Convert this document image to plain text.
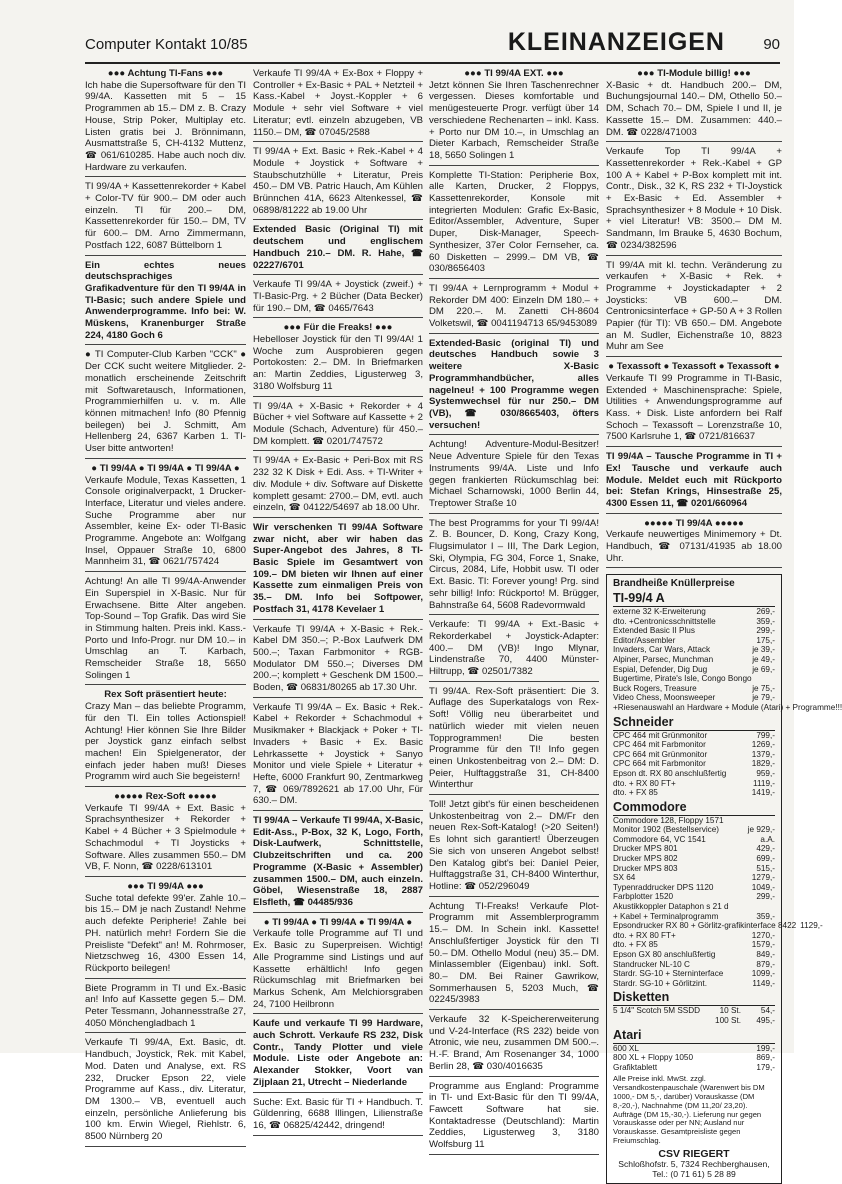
Computer Kontakt 10/85	KLEINANZEIGEN	90

●●● Achtung TI-Fans ●●●

Ich habe die Supersoftware für den TI 99/4A. Kassetten mit 5 – 15 Programmen ab 15.– DM z. B. Crazy House, Strip Poker, Multiplay etc. Listen gratis bei J. Brönnimann, Ausmattstraße 5, CH-4132 Muttenz, ☎ 061/610285. Habe auch noch div. Hardware zu verkaufen.

TI 99/4A + Kassettenrekorder + Kabel + Color-TV für 900.– DM oder auch einzeln. TI für 200.– DM, Kassettenrekorder für 150.– DM, TV für 600.– DM. Arno Zimmermann, Postfach 122, 6087 Büttelborn 1

Ein echtes neues deutschsprachiges Grafikadventure für den TI 99/4A in TI-Basic; such andere Spiele und Anwenderprogramme. Info bei: W. Müskens, Kranenburger Straße 224, 4180 Goch 6

● TI Computer-Club Karben "CCK" ● Der CCK sucht weitere Mitglieder. 2-monatlich erscheinende Zeitschrift mit Softwaretausch, Informationen, Programmierhilfen u. v. m. Alle können mitmachen! Info (80 Pfennig beilegen) bei J. Schmitt, Am Hellenberg 24, 6367 Karben 1. TI-User bitte antworten!

● TI 99/4A ● TI 99/4A ● TI 99/4A ●

Verkaufe Module, Texas Kassetten, 1 Console originalverpackt, 1 Drucker-Interface, Literatur und vieles andere. Suche Programme aber nur Assembler, keine Ex- oder TI-Basic Programme. Angebote an: Wolfgang Insel, Oppauer Straße 10, 6800 Mannheim 31, ☎ 0621/757424

Achtung! An alle TI 99/4A-Anwender Ein Superspiel in X-Basic. Nur für Erwachsene. Bitte Alter angeben. Top-Sound – Top Grafik. Das wird Sie in Stimmung halten. Preis inkl. Kass.-Porto und Info-Progr. nur DM 10.– in Umschlag an T. Karbach, Remscheider Straße 18, 5650 Solingen 1

Rex Soft präsentiert heute:

Crazy Man – das beliebte Programm, für den TI. Ein tolles Actionspiel! Achtung! Hier können Sie Ihre Bilder per Joystick ganz einfach selbst machen! Ein Spielgenerator, der einfach jeder haben muß! Dieses Programm wird auch Sie begeistern!

●●●●● Rex-Soft ●●●●●

Verkaufe TI 99/4A + Ext. Basic + Sprachsynthesizer + Rekorder + Kabel + 4 Bücher + 3 Spielmodule + Schachmodul + TI Joysticks + Software. Alles zusammen 550.– DM VB, F. Nonn, ☎ 0228/613101

●●● TI 99/4A ●●●

Suche total defekte 99'er. Zahle 10.– bis 15.– DM je nach Zustand! Nehme auch defekte Peripherie! Zahle bei PH. natürlich mehr! Fordern Sie die Preisliste "Defekt" an! M. Rohrmoser, Nietzschweg 16, 4300 Essen 14, Rückporto beilegen!

Biete Programm in TI und Ex.-Basic an! Info auf Kassette gegen 5.– DM. Peter Tessmann, Johannesstraße 27, 4050 Mönchengladbach 1

Verkaufe TI 99/4A, Ext. Basic, dt. Handbuch, Joystick, Rek. mit Kabel, Mod. Daten und Analyse, ext. RS 232, Drucker Epson 22, viele Programme auf Kass., div. Literatur, DM 1300.– VB, eventuell auch einzeln, persönliche Anlieferung bis 100 km. Erwin Wiegel, Riehlstr. 6, 8500 Nürnberg 20

Verkaufe TI 99/4A + Ex-Box + Floppy + Controller + Ex-Basic + PAL + Netzteil + Kass.-Kabel + Joyst.-Koppler + 6 Module + sehr viel Software + viel Literatur; evtl. einzeln abzugeben, VB 1150.– DM, ☎ 07045/2588

TI 99/4A + Ext. Basic + Rek.-Kabel + 4 Module + Joystick + Software + Staubschutzhülle + Literatur, Preis 450.– DM VB. Patric Hauch, Am Kühlen Brünnchen 41A, 6623 Altenkessel, ☎ 06898/81222 ab 19.00 Uhr

Extended Basic (Original TI) mit deutschem und englischem Handbuch 210.– DM. R. Hahe, ☎ 02227/6701

Verkaufe TI 99/4A + Joystick (zweif.) + TI-Basic-Prg. + 2 Bücher (Data Becker) für 190.– DM, ☎ 0465/7643

●●● Für die Freaks! ●●●

Hebelloser Joystick für den TI 99/4A! 1 Woche zum Ausprobieren gegen Portokosten: 2.– DM. In Briefmarken an: Martin Zeddies, Ligusterweg 3, 3180 Wolfsburg 11

TI 99/4A + X-Basic + Rekorder + 4 Bücher + viel Software auf Kassette + 2 Module (Schach, Adventure) für 450.– DM komplett. ☎ 0201/747572

TI 99/4A + Ex-Basic + Peri-Box mit RS 232 32 K Disk + Edi. Ass. + TI-Writer + div. Module + div. Software auf Diskette komplett gesamt: 2700.– DM, evtl. auch einzeln, ☎ 04122/54697 ab 18.00 Uhr.

Wir verschenken TI 99/4A Software zwar nicht, aber wir haben das Super-Angebot des Jahres, 8 TI-Basic Spiele im Gesamtwert von 109.– DM bieten wir Ihnen auf einer Kassette zum einmaligen Preis von 35.– DM. Info bei Softpower, Postfach 31, 4178 Kevelaer 1

Verkaufe TI 99/4A + X-Basic + Rek.-Kabel DM 350.–; P.-Box Laufwerk DM 500.–; Taxan Farbmonitor + RGB-Modulator DM 550.–; Diverses DM 200.–; komplett + Geschenk DM 1500.– Boden, ☎ 06831/80265 ab 17.30 Uhr.

Verkaufe TI 99/4A – Ex. Basic + Rek.-Kabel + Rekorder + Schachmodul + Musikmaker + Blackjack + Poker + TI-Invaders + Basic + Ex. Basic Lehrkassette + Joystick + Sanyo Monitor und viele Spiele + Literatur + Hefte, 6000 Frankfurt 90, Zentmarkweg 7, ☎ 069/7892621 ab 17.00 Uhr, Für 630.– DM.

TI 99/4A – Verkaufe TI 99/4A, X-Basic, Edit-Ass., P-Box, 32 K, Logo, Forth, Disk-Laufwerk, Schnittstelle, Clubzeitschriften und ca. 200 Programme (X-Basic + Assembler) zusammen 1500.– DM, auch einzeln. Göbel, Wiesenstraße 18, 2887 Elsfleth, ☎ 04485/936

● TI 99/4A ● TI 99/4A ● TI 99/4A ●

Verkaufe tolle Programme auf TI und Ex. Basic zu Superpreisen. Wichtig! Alle Programme sind Listings und auf Kassette erhältlich! Info gegen Rückumschlag mit Briefmarken bei Markus Schenk, Am Melchiorsgraben 24, 7100 Heilbronn

Kaufe und verkaufe TI 99 Hardware, auch Schrott. Verkaufe RS 232, Disk Contr., Tandy Plotter und viele Module. Liste oder Angebote an: Alexander Stokker, Voort van Zijplaan 21, Utrecht – Niederlande

Suche: Ext. Basic für TI + Handbuch. T. Güldenring, 6688 Illingen, Lilienstraße 16, ☎ 06825/42442, dringend!

●●● TI 99/4A EXT. ●●●

Jetzt können Sie Ihren Taschenrechner vergessen. Dieses komfortable und menügesteuerte Progr. verfügt über 14 verschiedene Rechenarten – inkl. Kass. + Porto nur DM 10.–, in Umschlag an Dieter Karbach, Remscheider Straße 18, 5650 Solingen 1

Komplette TI-Station: Peripherie Box, alle Karten, Drucker, 2 Floppys, Kassettenrekorder, Konsole mit integrierten Modulen: Grafic Ex-Basic, Editor/Assembler, Adventure, Super Duper, Disk-Manager, Speech-Synthesizer, 37er Color Fernseher, ca. 60 Disketten – 2999.– DM VB, ☎ 030/8656403

TI 99/4A + Lernprogramm + Modul + Rekorder DM 400: Einzeln DM 180.– + DM 220.–. M. Zanetti CH-8604 Volketswil, ☎ 0041194713 65/9453089

Extended-Basic (original TI) und deutsches Handbuch sowie 3 weitere X-Basic Programmhandbücher, alles nagelneu! + 100 Programme wegen Systemwechsel für nur 250.– DM (VB), ☎ 030/8665403, öfters versuchen!

Achtung! Adventure-Modul-Besitzer! Neue Adventure Spiele für den Texas Instruments 99/4A. Liste und Info gegen frankierten Rückumschlag bei: Michael Scharnowski, 1000 Berlin 44, Treptower Straße 10

The best Programms for your TI 99/4A! Z. B. Bouncer, D. Kong, Crazy Kong, Flugsimulator I – III, The Dark Legion, Ski, Olympia, FG 304, Force 1, Snake, Circus, 2084, Life, Hobbit usw. TI oder Ext. Basic. TI: Forever young! Prg. sind sehr billig! Info: Rückporto! M. Brügger, Bahnstraße 64, 5608 Radevormwald

Verkaufe: TI 99/4A + Ext.-Basic + Rekorderkabel + Joystick-Adapter: 400.– DM (VB)! Ingo Mlynar, Lindenstraße 70, 4400 Münster-Hiltrupp, ☎ 02501/7382

TI 99/4A. Rex-Soft präsentiert: Die 3. Auflage des Superkatalogs von Rex-Soft! Völlig neu überarbeitet und natürlich wieder mit vielen neuen Topprogrammen! Die besten Programme für den TI! Info gegen einen Unkostenbeitrag von 2.– DM: D. Peier, Hulftaggstraße 31, CH-8400 Winterthur

Toll! Jetzt gibt's für einen bescheidenen Unkostenbeitrag von 2.– DM/Fr den neuen Rex-Soft-Katalog! (>20 Seiten!) Es lohnt sich garantiert! Überzeugen Sie sich von unseren Angebot selbst! Den Katalog gibt's bei: Daniel Peier, Hulftaggstraße 31, CH-8400 Winterthur, Hotline: ☎ 052/296049

Achtung TI-Freaks! Verkaufe Plot-Programm mit Assemblerprogramm 15.– DM. In Schein inkl. Kassette! Anschlußfertiger Joystick für den TI 50.– DM. Othello Modul (neu) 35.– DM. Minlassembler (Eigenbau) inkl. Soft. 80.– DM. Bei Rainer Gawrikow, Sommerhausen 5, 5203 Much, ☎ 02245/3983

Verkaufe 32 K-Speichererweiterung und V-24-Interface (RS 232) beide von Atronic, wie neu, zusammen DM 500.–. H.-F. Brand, Am Rosenanger 34, 1000 Berlin 28, ☎ 030/4016635

Programme aus England: Programme in TI- und Ext-Basic für den TI 99/4A, Fawcett Software hat sie. Kontaktadresse (Deutschland): Martin Zeddies, Ligusterweg 3, 3180 Wolfsburg 11

●●● TI-Module billig! ●●●

X-Basic + dt. Handbuch 200.– DM, Buchungsjournal 140.– DM, Othello 50.– DM, Schach 70.– DM, Spiele I und II, je Kassette 15.– DM. Zusammen: 440.– DM. ☎ 0228/471003

Verkaufe Top TI 99/4A + Kassettenrekorder + Rek.-Kabel + GP 100 A + Kabel + P-Box komplett mit int. Contr., Disk., 32 K, RS 232 + TI-Joystick + Ex-Basic + Ed. Assembler + Sprachsynthesizer + 8 Module + 10 Disk. + viel Literatur! VB: 3500.– DM M. Sandmann, Im Brauke 5, 4630 Bochum, ☎ 0234/382596

TI 99/4A mit kl. techn. Veränderung zu verkaufen + X-Basic + Rek. + Programme + Joystickadapter + 2 Joysticks: VB 600.– DM. Centronicsinterface + GP-50 A + 3 Rollen Papier (für TI): VB 650.– DM. Angebote an M. Sudler, Eichenstraße 10, 8823 Muhr am See

● Texassoft ● Texassoft ● Texassoft ●

Verkaufe TI 99 Programme in TI-Basic, Extended + Maschinensprache: Spiele, Utilities + Anwendungsprogramme auf Kass. + Disk. Liste anfordern bei Ralf Schoch – Texassoft – Lorenzstraße 10, 7500 Karlsruhe 1, ☎ 0721/816637

TI 99/4A – Tausche Programme in TI + Ex! Tausche und verkaufe auch Module. Meldet euch mit Rückporto bei: Stefan Krings, Hinsestraße 25, 4300 Essen 11, ☎ 0201/660964

●●●●● TI 99/4A ●●●●●

Verkaufe neuwertiges Minimemory + Dt. Handbuch, ☎ 07131/41935 ab 18.00 Uhr.

Brandheiße Knüllerpreise
TI-99/4 A
externe 32 K-Erweiterung	269,-
dto. +Centronicsschnittstelle	359,-
Extended Basic II Plus	299,-
Editor/Assembler	175,-
Invaders, Car Wars, Attack	je 39,-
Alpiner, Parsec, Munchman	je 49,-
Espial, Defender, Dig Dug	je 69,-
Bugertime, Pirate's Isle, Congo Bongo
Buck Rogers, Treasure	je 75,-
Video Chess, Moonsweeper	je 79,-
+Riesenauswahl an Hardware + Module (Atari) + Programme!!!
Schneider
CPC 464 mit Grünmonitor	799,-
CPC 464 mit Farbmonitor	1269,-
CPC 664 mit Grünmonitor	1379,-
CPC 664 mit Farbmonitor	1829,-
Epson dt. RX 80 anschlußfertig	959,-
dto. + RX 80 FT+	1119,-
dto. + FX 85	1419,-
Commodore
Commodore 128, Floppy 1571
Monitor 1902 (Bestellservice)	je 929,-
Commodore 64, VC 1541	a.A.
Drucker MPS 801	429,-
Drucker MPS 802	699,-
Drucker MPS 803	515,-
SX 64	1279,-
Typenraddrucker DPS 1120	1049,-
Farbplotter 1520	299,-
Akustikkoppler Dataphon s 21 d
+ Kabel + Terminalprogramm	359,-
Epsondrucker RX 80 + Görlitz-grafikinterface 8422 1129,-
dto. + RX 80 FT+	1270,-
dto. + FX 85	1579,-
Epson GX 80 anschlußfertig	849,-
Standrucker NL-10 C	879,-
Stardr. SG-10 + Sterninterface	1099,-
Stardr. SG-10 + Görlitzint.	1149,-
Disketten
5 1/4" Scotch 5M SSDD	10 St.	54,-
100 St.	495,-
Atari
600 XL	199,-
800 XL + Floppy 1050	869,-
Grafiktablett	179,-
Alle Preise inkl. MwSt. zzgl. Versandkostenpauschale (Warenwert bis DM 1000,- DM 5,-, darüber) Vorauskasse (DM 8,-20,-), Nachnahme (DM 11,20/ 23,20). Aufträge (DM 15,-30,-). Lieferung nur gegen Vorauskasse oder per NN; Ausland nur Vorauskasse. Gesamtpreisliste gegen Freiumschlag.
CSV RIEGERT
Schloßhofstr. 5, 7324 Rechberghausen, Tel.: (0 71 61) 5 28 89
